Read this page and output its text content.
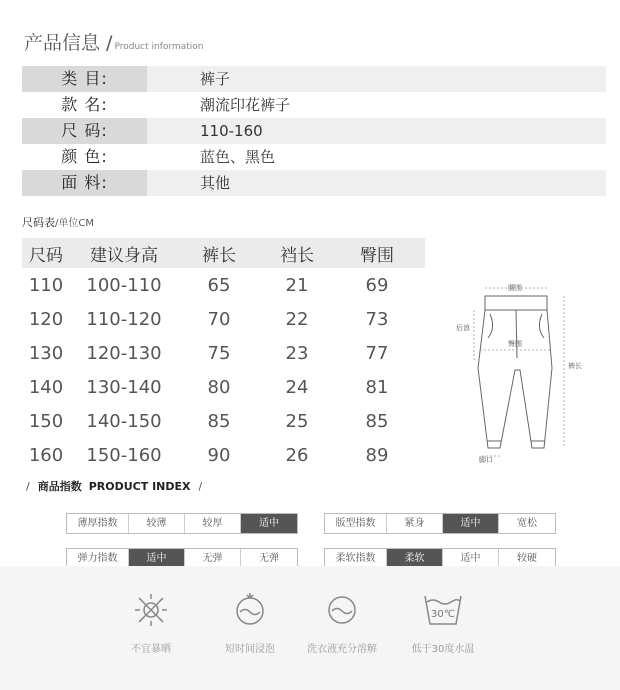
产品信息 / Product information
类 目:	裤子
款 名:	潮流印花裤子
尺 码:	110-160
颜 色:	蓝色、黑色
面 料:	其他
尺码表/单位CM
尺码	建议身高	裤长	裆长	臀围
110 100-110	65	21	69
120 110-120	70	22	73
130 120-130	75	23	77
140 130-140	80	24	81
150 140-150	85	25	85
160 150-160	90	26	89
腰围
后浪
臀围
裤长
脚口
/ 商品指数 PRODUCT INDEX /
薄厚指数	较薄	较厚	适中	版型指数	紧身	适中	宽松
弹力指数	适中	无弹	无弹	柔软指数	柔软	适中	较硬
不宜暴晒	短时间浸泡	洗衣液充分溶解
30℃
低于30度水温
